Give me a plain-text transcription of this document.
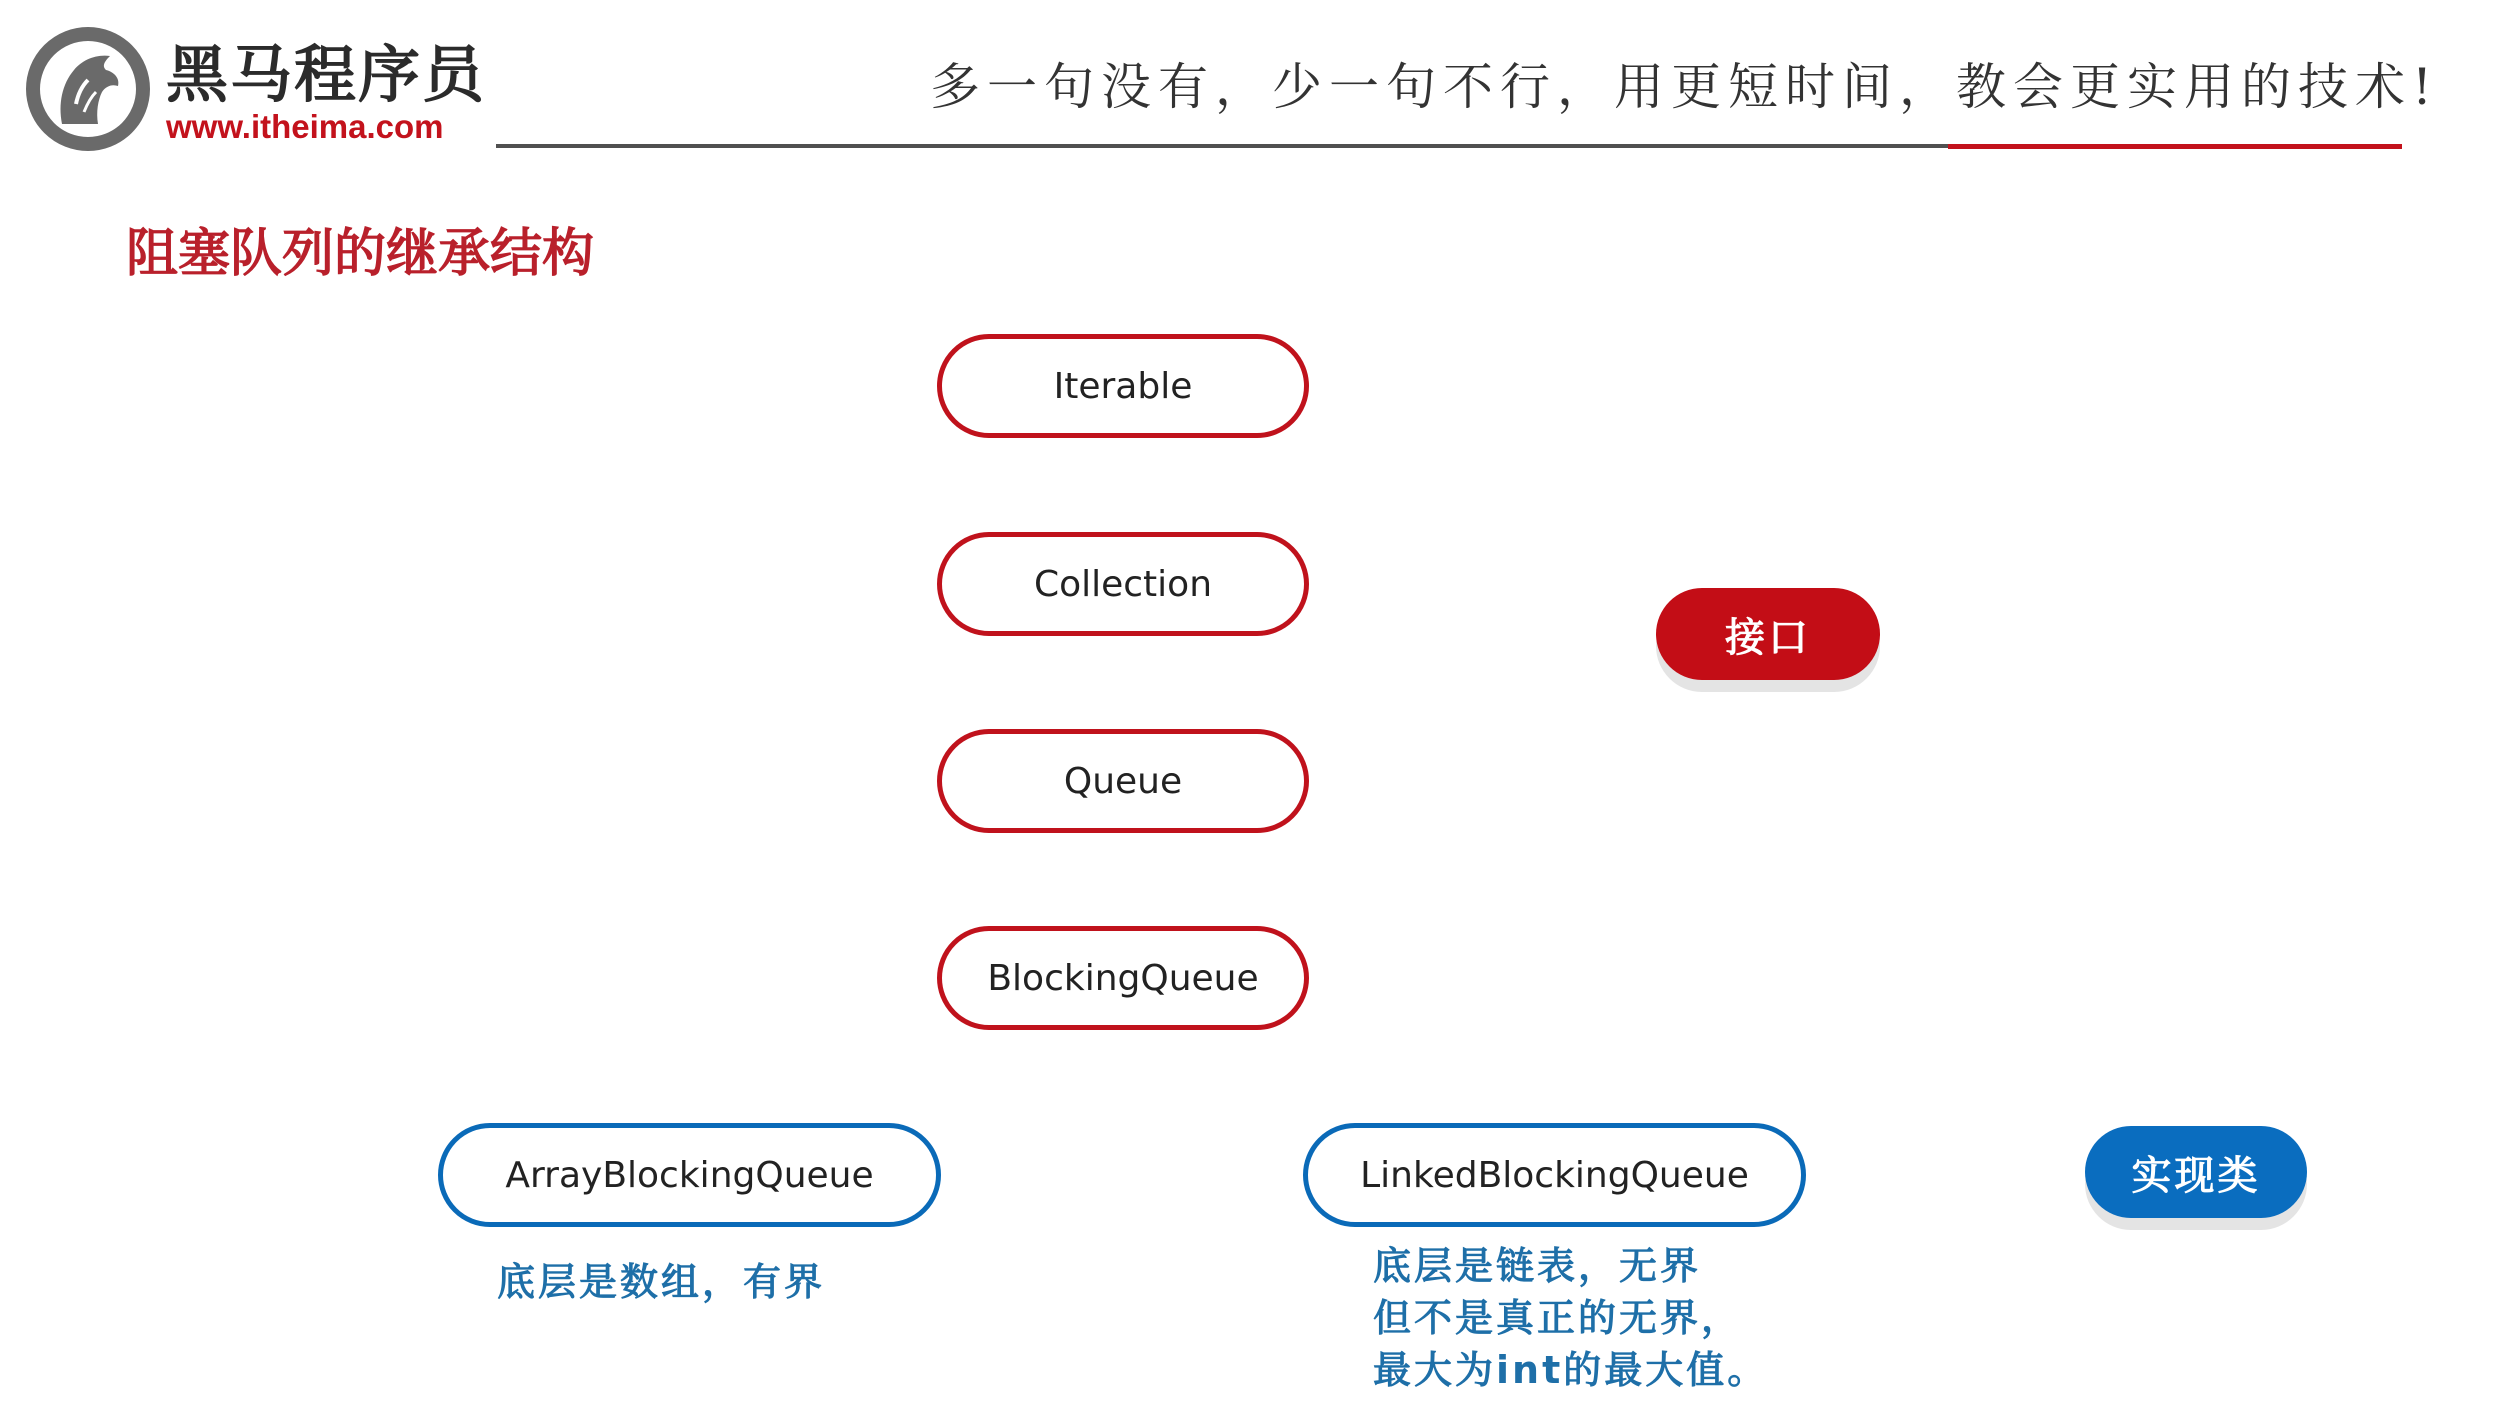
黑马程序员
www.itheima.com
多一句没有，少一句不行，用更短时间，教会更实用的技术!
阻塞队列的继承结构
Iterable
Collection
Queue
BlockingQueue
ArrayBlockingQueue	LinkedBlockingQueue
接口
实现类
底层是数组，有界	底层是链表，无界
但不是真正的无界，
最大为int的最大值。
